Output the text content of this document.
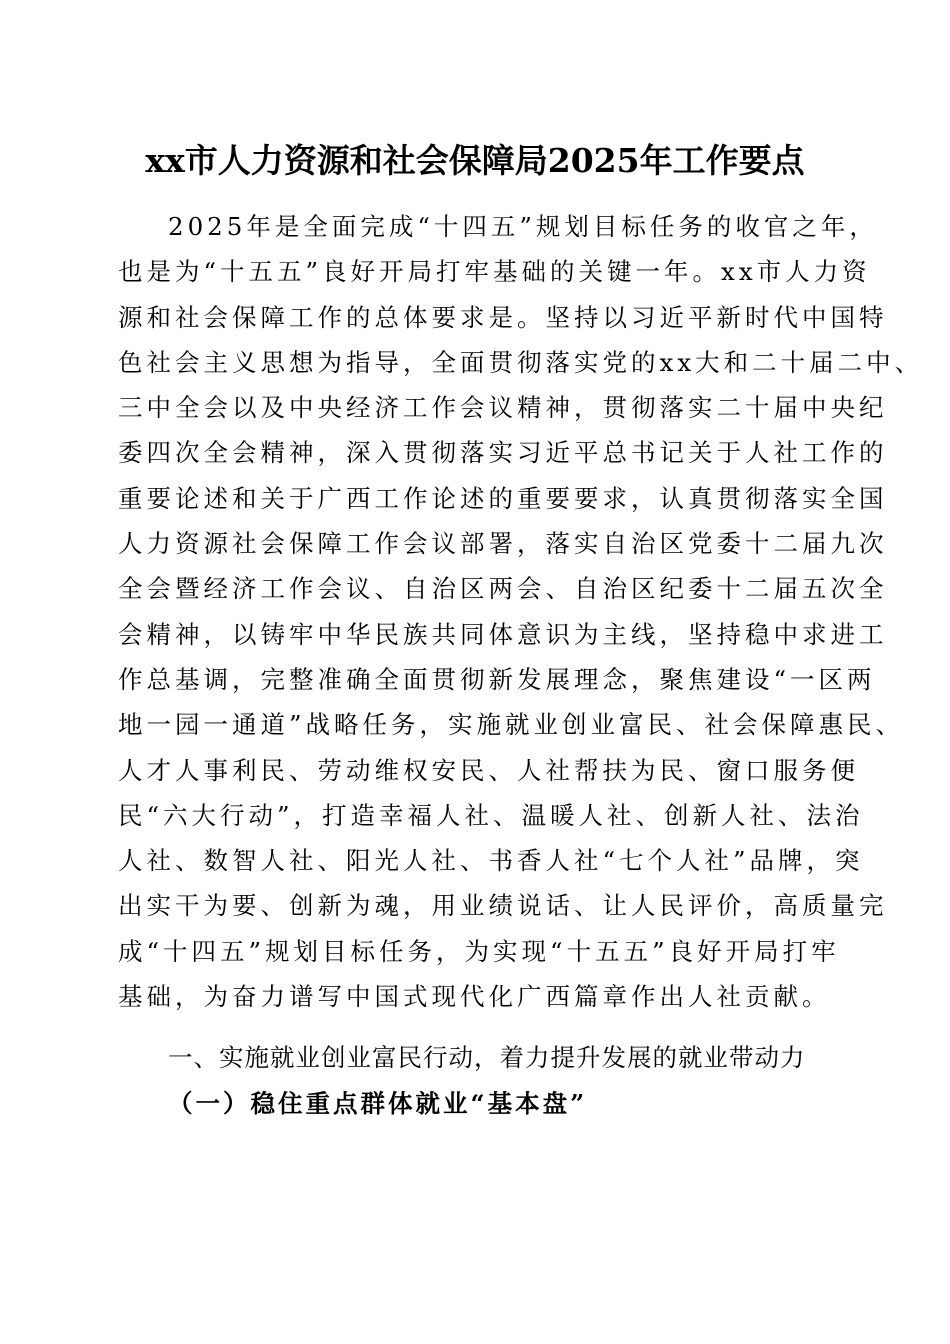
xx市人力资源和社会保障局2025年工作要点
2025年是全面完成“十四五”规划目标任务的收官之年，
也是为“十五五”良好开局打牢基础的关键一年。xx市人力资
源和社会保障工作的总体要求是。坚持以习近平新时代中国特
色社会主义思想为指导，全面贯彻落实党的xx大和二十届二中、
三中全会以及中央经济工作会议精神，贯彻落实二十届中央纪
委四次全会精神，深入贯彻落实习近平总书记关于人社工作的
重要论述和关于广西工作论述的重要要求，认真贯彻落实全国
人力资源社会保障工作会议部署，落实自治区党委十二届九次
全会暨经济工作会议、自治区两会、自治区纪委十二届五次全
会精神，以铸牢中华民族共同体意识为主线，坚持稳中求进工
作总基调，完整准确全面贯彻新发展理念，聚焦建设“一区两
地一园一通道”战略任务，实施就业创业富民、社会保障惠民、
人才人事利民、劳动维权安民、人社帮扶为民、窗口服务便
民“六大行动”，打造幸福人社、温暖人社、创新人社、法治
人社、数智人社、阳光人社、书香人社“七个人社”品牌，突
出实干为要、创新为魂，用业绩说话、让人民评价，高质量完
成“十四五”规划目标任务，为实现“十五五”良好开局打牢
基础，为奋力谱写中国式现代化广西篇章作出人社贡献。
一、实施就业创业富民行动，着力提升发展的就业带动力
（一）稳住重点群体就业“基本盘”
